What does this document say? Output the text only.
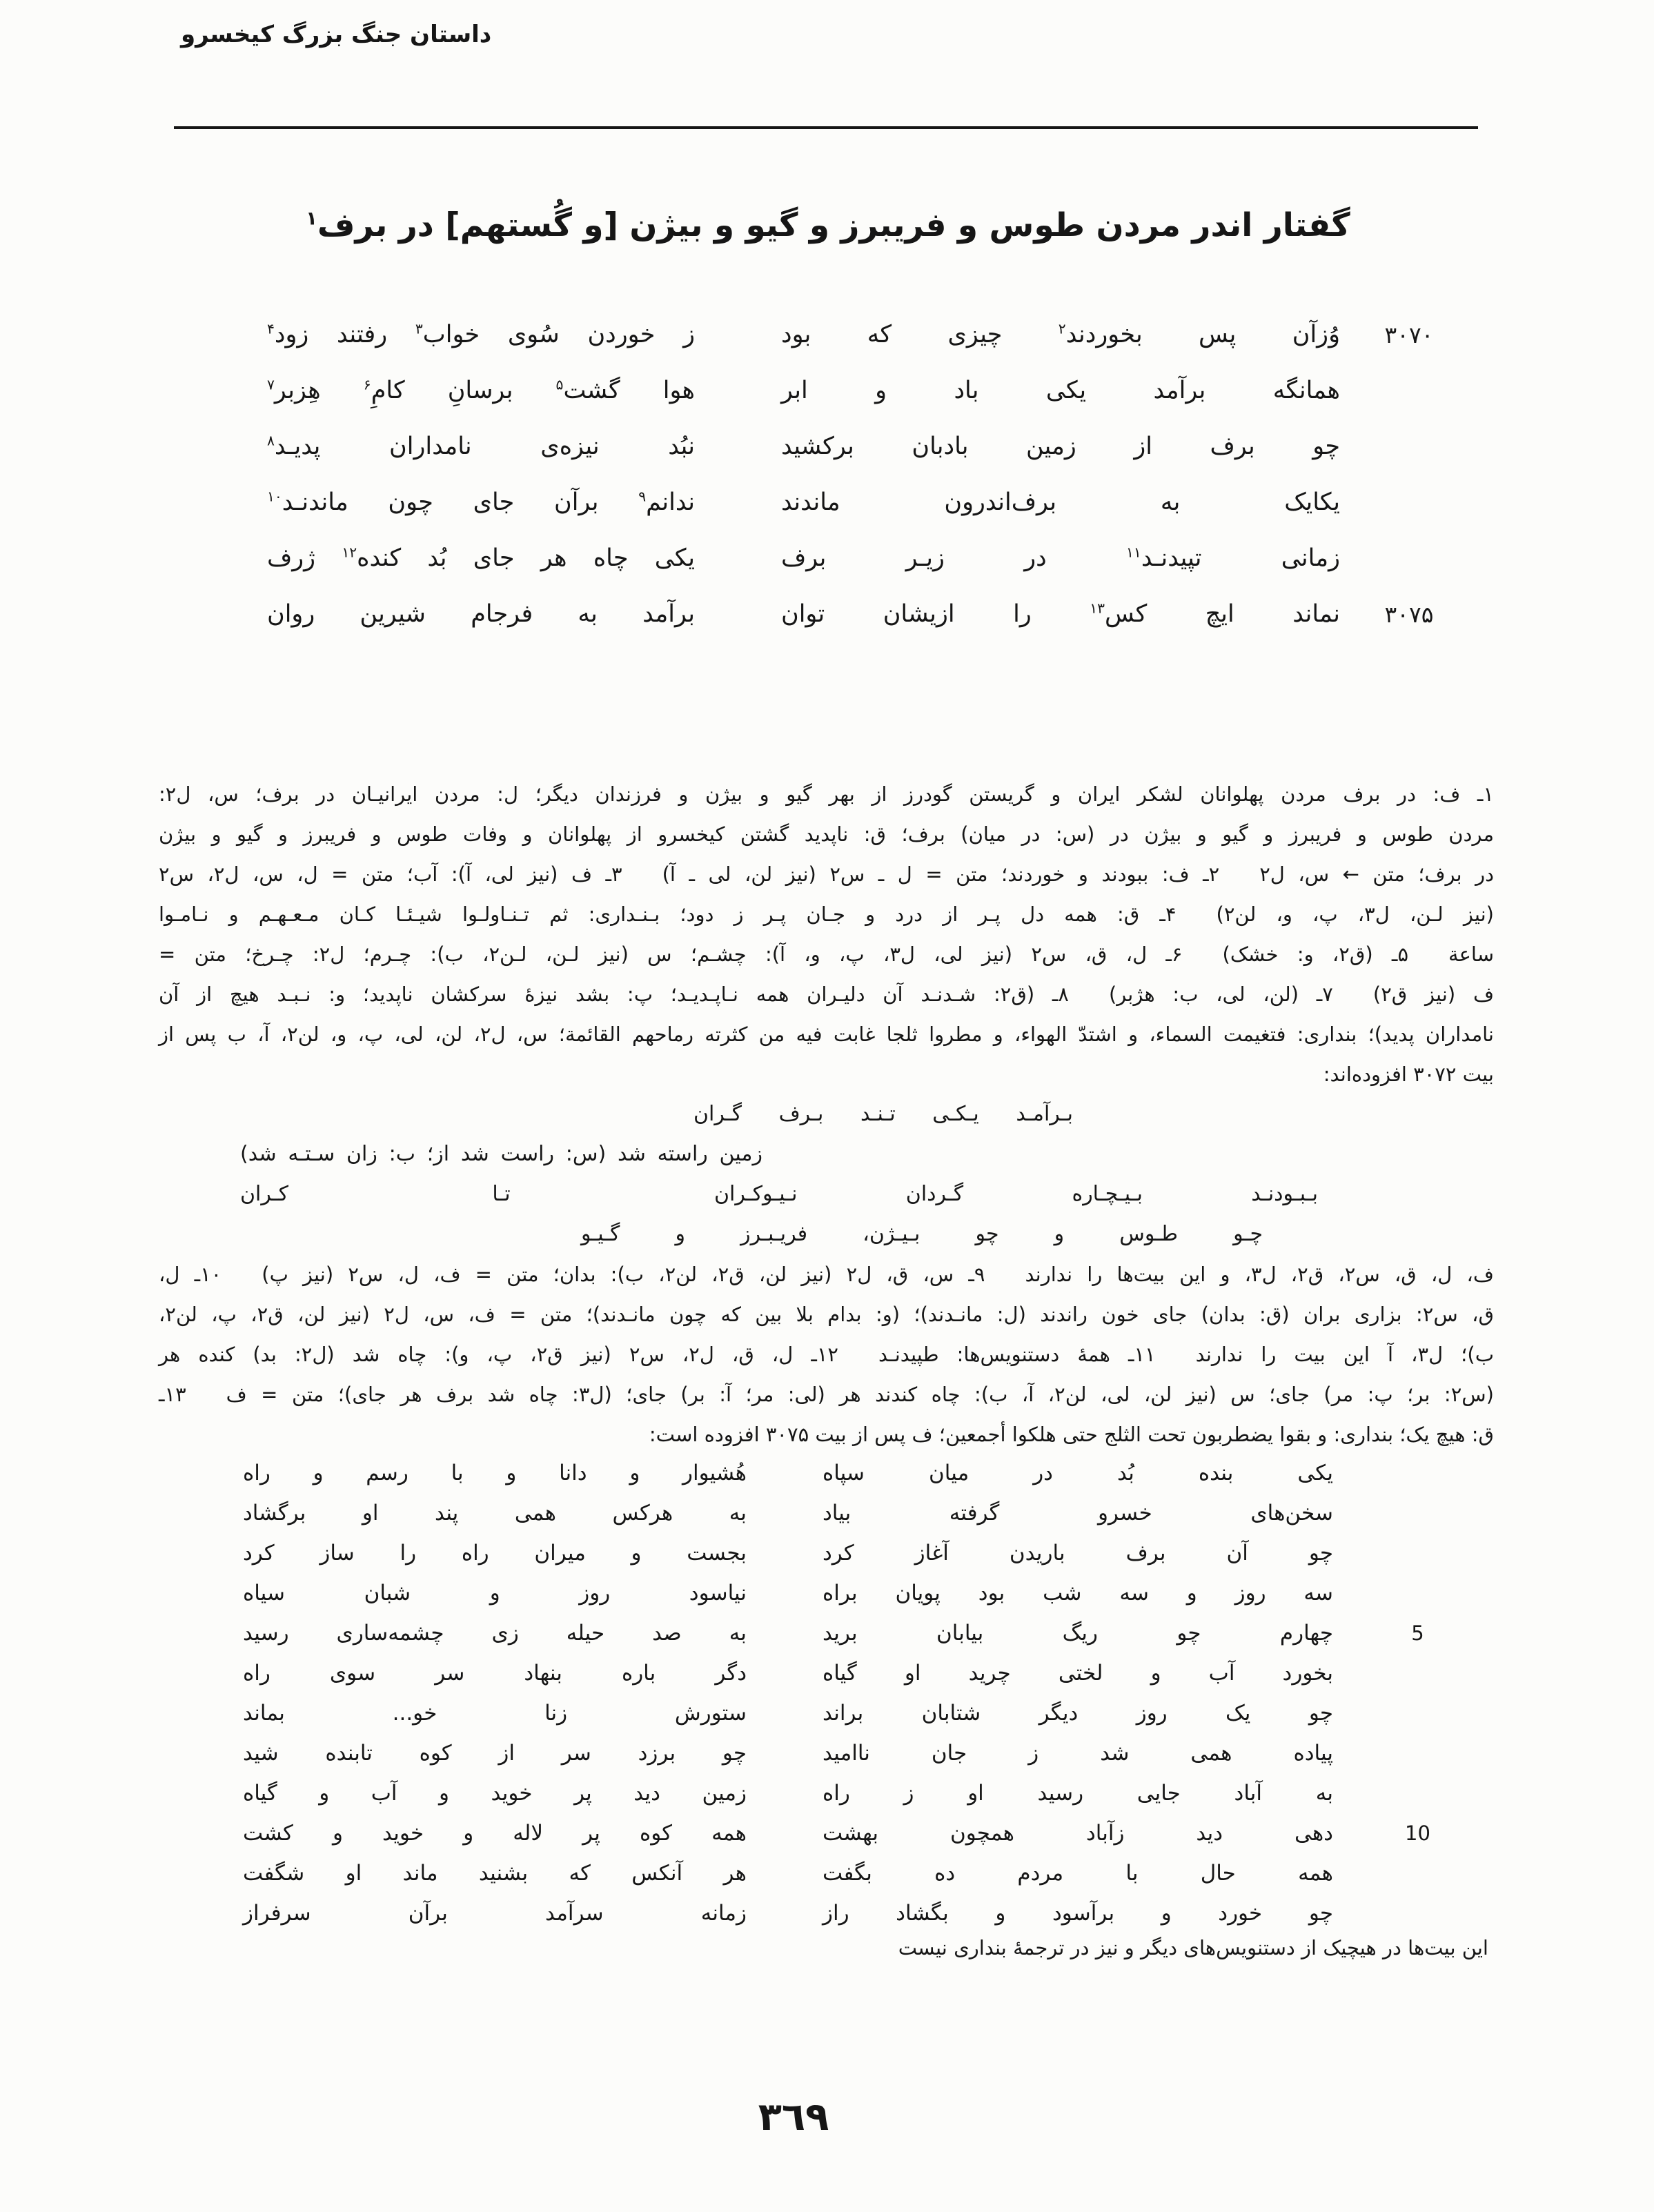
داستان جنگ بزرگ کیخسرو
گفتار اندر مردن طوس و فریبرز و گیو و بیژن [و گُستهم] در برف$^۱$
۳۰۷۰
وُزآن پس بخوردند$^۲$ چیزی که بود
ز خوردن سُوی خواب$^۳$ رفتند زود$^۴$
همانگه برآمد یکی باد و ابر
هوا گشت$^۵$ برسانِ کامِ$^۶$ هِزبر$^۷$
چو برف از زمین بادبان برکشید
نبُد نیزه‌ی نامداران پدیـد$^۸$
یکایک به برف‌اندرون ماندند
ندانم$^۹$ برآن جای چون ماندنـد$^{۱۰}$
زمانی تپیدنـد$^{۱۱}$ در زیـر برف
یکی چاه هر جای بُد کنده$^{۱۲}$ ژرف
۳۰۷۵
نماند ایچ کس$^{۱۳}$ را ازیشان توان
برآمد به فرجام شیرین روان
۱ـ ف: در برف مردن پهلوانان لشکر ایران و گریستن گودرز از بهر گیو و بیژن و فرزندان دیگر؛ ل: مردن ایرانیـان در برف؛ س، ل۲:
مردن طوس و فریبرز و گیو و بیژن در (س: در میان) برف؛ ق: ناپدید گشتن کیخسرو از پهلوانان و وفات طوس و فریبرز و گیو و بیژن
در برف؛ متن ← س، ل۲  ۲ـ ف: ببودند و خوردند؛ متن = ل ـ س۲ (نیز لن، لی ـ آ)  ۳ـ ف (نیز لی، آ): آب؛ متن = ل، س، ل۲، س۲
(نیز لـن، ل۳، پ، و، لن۲)  ۴ـ ق: همه دل پـر از درد و جـان پـر ز دود؛ بـنـداری: ثم تـنـاولـوا شیـئـا کـان مـعـهـم و نـامـوا
ساعة  ۵ـ (ق۲، و: خشک)  ۶ـ ل، ق، س۲ (نیز لی، ل۳، پ، و، آ): چشـم؛ س (نیز لـن، لـن۲، ب): چـرم؛ ل۲: چـرخ؛ متن =
ف (نیز ق۲)  ۷ـ (لن، لی، ب: هژبر)  ۸ـ (ق۲: شـدنـد آن دلیـران همه نـاپـدیـد؛ پ: بشد نیزهٔ سرکشان ناپدید؛ و: نـبـد هیچ از آن
نامداران پدید)؛ بنداری: فتغیمت السماء، و اشتدّ الهواء، و مطروا ثلجا غابت فیه من کثرته رماحهم القائمة؛ س، ل۲، لن، لی، پ، و، لن۲، آ، ب پس از
بیت ۳۰۷۲ افزوده‌اند:
بـرآمـد یـکـی تـنـد بـرف گـران
زمین راسته شد (س: راست شد از؛ ب: زان سـتـه شد) کـران تـا کـران بـبـودنـد بـیـچـاره گـردان نـیـو
چـو طـوس و چو بـیـژن، فریـبـرز و گـیـو
ف، ل، ق، س۲، ق۲، ل۳، و این بیت‌ها را ندارند  ۹ـ س، ق، ل۲ (نیز لن، ق۲، لن۲، ب): بدان؛ متن = ف، ل، س۲ (نیز پ)  ۱۰ـ ل،
ق، س۲: بزاری بران (ق: بدان) جای خون راندند (ل: مانـدند)؛ (و: بدام بلا بین که چون مانـدند)؛ متن = ف، س، ل۲ (نیز لن، ق۲، پ، لن۲،
ب)؛ ل۳، آ این بیت را ندارند  ۱۱ـ همهٔ دستنویس‌ها: طپیدنـد  ۱۲ـ ل، ق، ل۲، س۲ (نیز ق۲، پ، و): چاه شد (ل۲: بد) کنده هر
(س۲: بر؛ پ: مر) جای؛ س (نیز لن، لی، لن۲، آ، ب): چاه کندند هر (لی: مر؛ آ: بر) جای؛ (ل۳: چاه شد برف هر جای)؛ متن = ف  ۱۳ـ
ق: هیچ یک؛ بنداری: و بقوا یضطربون تحت الثلج حتی هلکوا أجمعین؛ ف پس از بیت ۳۰۷۵ افزوده است:
یکی بنده بُد در میان سپاه
هُشیوار و دانا و با رسم و راه
سخن‌های خسرو گرفته بیاد
به هرکس همی پند او برگشاد
چو آن برف باریدن آغاز کرد
بجست و میران راه را ساز کرد
سه روز و سه شب بود پویان براه
نیاسود روز و شبان سیاه
5
چهارم چو ریگ بیابان برید
به صد حیله زی چشمه‌ساری رسید
بخورد آب و لختی چرید او گیاه
دگر باره بنهاد سر سوی راه
چو یک روز دیگر شتابان براند
ستورش زنا خو... بماند
پیاده همی شد ز جان ناامید
چو برزد سر از کوه تابنده شید
به آباد جایی رسید او ز راه
زمین دید پر خوید و آب و گیاه
10
دهی دید زآباد همچون بهشت
همه کوه پر لاله و خوید و کشت
همه حال با مردم ده بگفت
هر آنکس که بشنید ماند او شگفت
چو خورد و برآسود و بگشاد راز
زمانه سرآمد برآن سرفراز
این بیت‌ها در هیچیک از دستنویس‌های دیگر و نیز در ترجمهٔ بنداری نیست
٣٦٩
